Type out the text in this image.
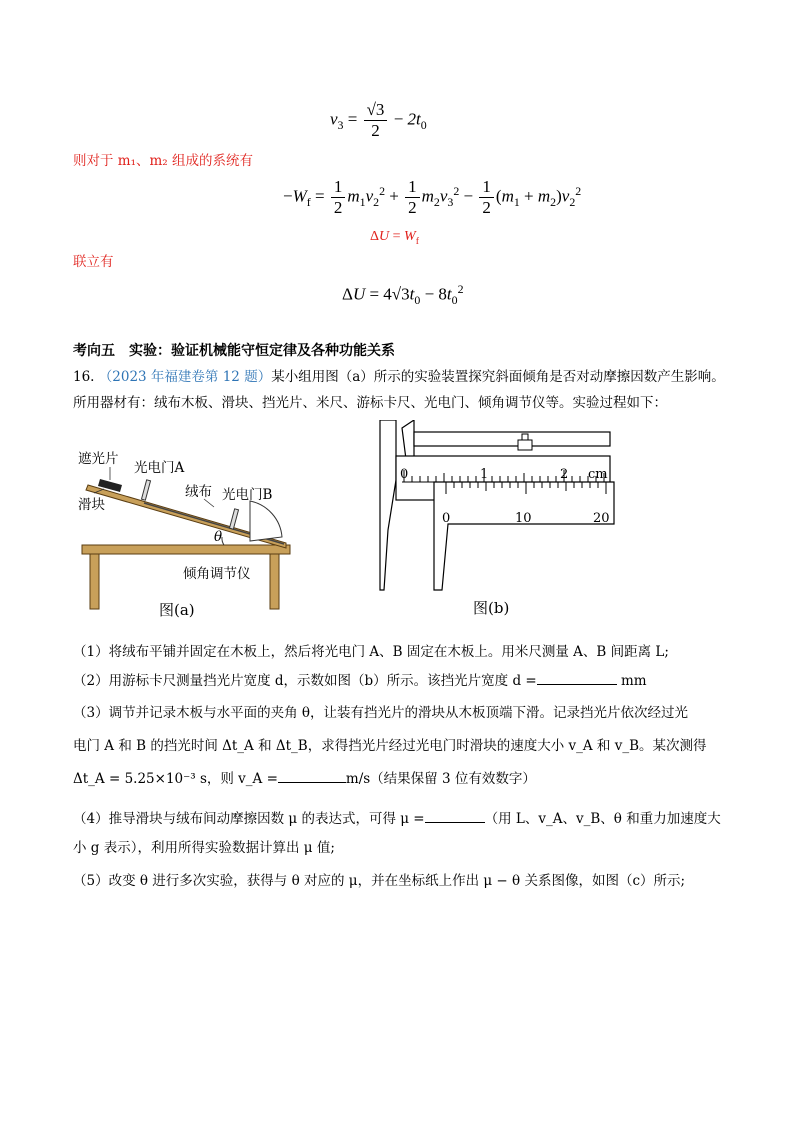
$v_3 = \frac{√3}{2} - 2t_0$
则对于 m₁、m₂ 组成的系统有
$-W_f = \frac{1}{2} m_1v_2^2 + \frac{1}{2} m_2v_3^2 - \frac{1}{2} (m_1 + m_2)v_2^2$
$\Delta U = W_f$
联立有
$\Delta U = 4√3t_0 - 8t_0^2$
考向五　实验：验证机械能守恒定律及各种功能关系
16. （2023 年福建卷第 12 题）某小组用图（a）所示的实验装置探究斜面倾角是否对动摩擦因数产生影响。
所用器材有：绒布木板、滑块、挡光片、米尺、游标卡尺、光电门、倾角调节仪等。实验过程如下：
遮光片
光电门A
滑块
绒布 光电门B
θ
倾角调节仪
图(a)
0	1	2 cm
0	10	20
图(b)
（1）将绒布平铺并固定在木板上，然后将光电门 A、B 固定在木板上。用米尺测量 A、B 间距离 L;
（2）用游标卡尺测量挡光片宽度 d，示数如图（b）所示。该挡光片宽度 d =	mm
（3）调节并记录木板与水平面的夹角 θ，让装有挡光片的滑块从木板顶端下滑。记录挡光片依次经过光
电门 A 和 B 的挡光时间 Δt_A 和 Δt_B，求得挡光片经过光电门时滑块的速度大小 v_A 和 v_B。某次测得
Δt_A = 5.25×10⁻³ s，则 v_A =	m/s（结果保留 3 位有效数字）
（4）推导滑块与绒布间动摩擦因数 μ 的表达式，可得 μ =	（用 L、v_A、v_B、θ 和重力加速度大
小 g 表示），利用所得实验数据计算出 μ 值;
（5）改变 θ 进行多次实验，获得与 θ 对应的 μ，并在坐标纸上作出 μ − θ 关系图像，如图（c）所示;
